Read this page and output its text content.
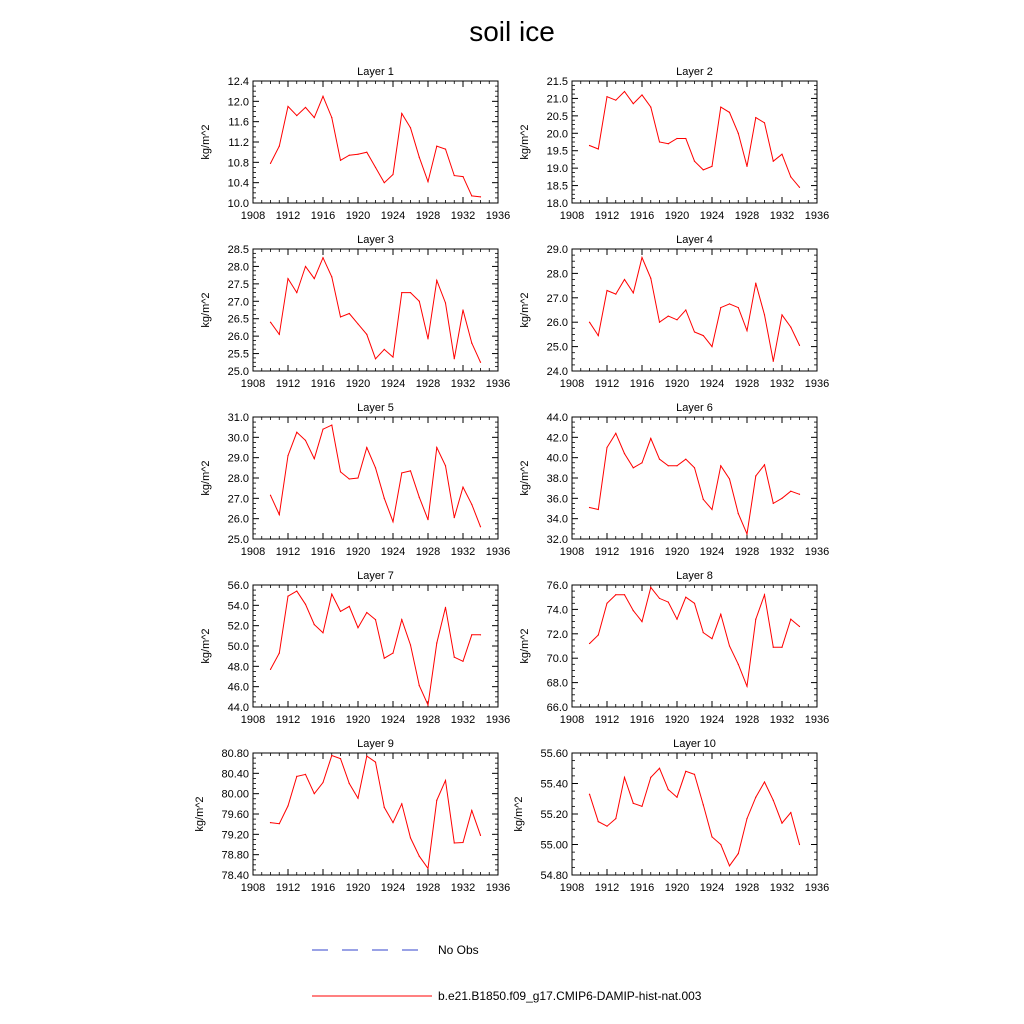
soil ice
Layer 1
1908 1912 1916 1920 1924 1928 1932 1936
10.0
10.4
10.8
11.2
11.6
12.0
12.4
kg/m^2
Layer 2
1908 1912 1916 1920 1924 1928 1932 1936
18.0
18.5
19.0
19.5
20.0
20.5
21.0
21.5
kg/m^2
Layer 3
1908 1912 1916 1920 1924 1928 1932 1936
25.0
25.5
26.0
26.5
27.0
27.5
28.0
28.5
kg/m^2
Layer 4
1908 1912 1916 1920 1924 1928 1932 1936
24.0
25.0
26.0
27.0
28.0
29.0
kg/m^2
Layer 5
1908 1912 1916 1920 1924 1928 1932 1936
25.0
26.0
27.0
28.0
29.0
30.0
31.0
kg/m^2
Layer 6
1908 1912 1916 1920 1924 1928 1932 1936
32.0
34.0
36.0
38.0
40.0
42.0
44.0
kg/m^2
Layer 7
1908 1912 1916 1920 1924 1928 1932 1936
44.0
46.0
48.0
50.0
52.0
54.0
56.0
kg/m^2
Layer 8
1908 1912 1916 1920 1924 1928 1932 1936
66.0
68.0
70.0
72.0
74.0
76.0
kg/m^2
Layer 9
1908 1912 1916 1920 1924 1928 1932 1936
78.40
78.80
79.20
79.60
80.00
80.40
80.80
kg/m^2
Layer 10
1908 1912 1916 1920 1924 1928 1932 1936
54.80
55.00
55.20
55.40
55.60
kg/m^2
No Obs
b.e21.B1850.f09_g17.CMIP6-DAMIP-hist-nat.003
